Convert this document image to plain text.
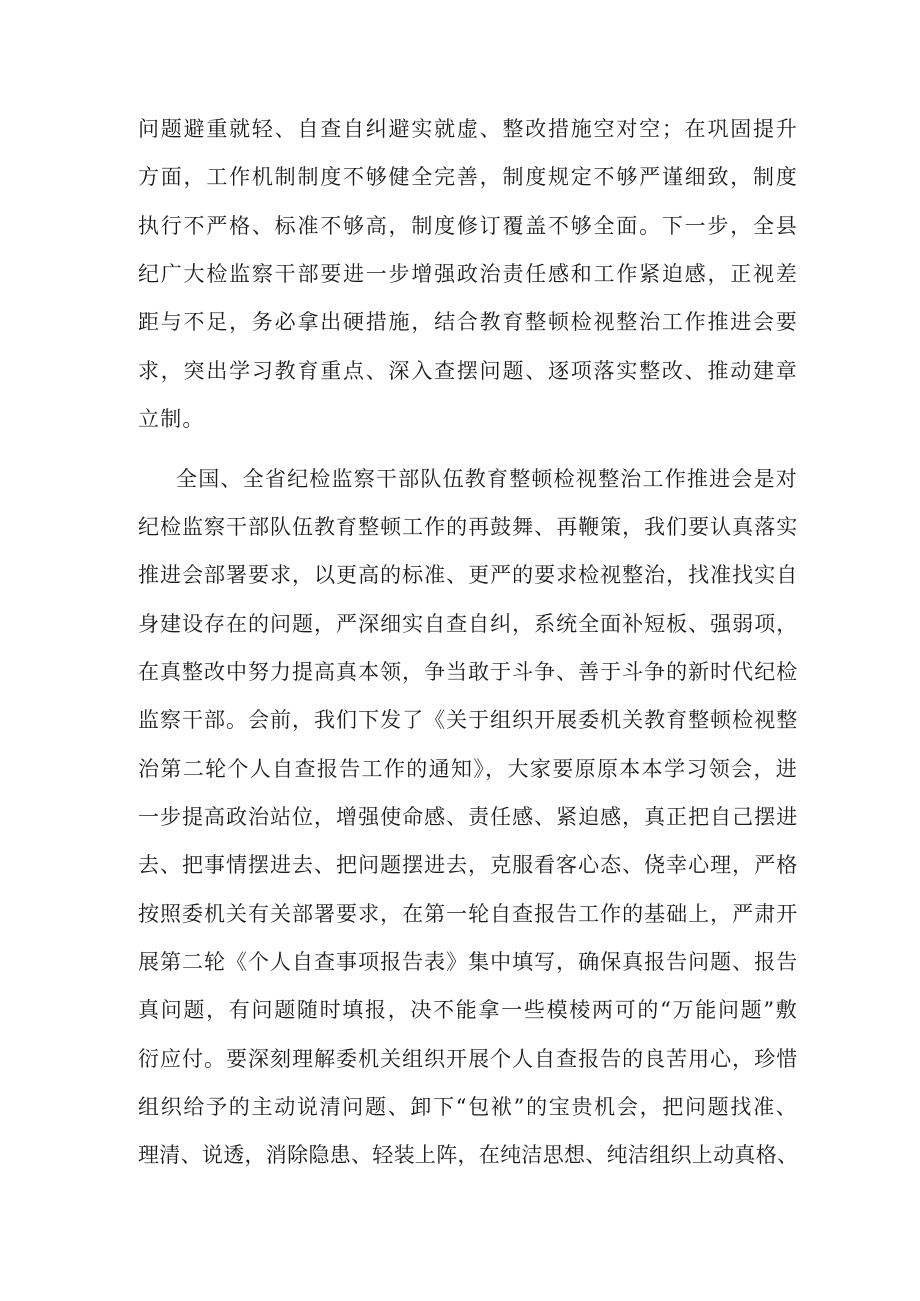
问题避重就轻、自查自纠避实就虚、整改措施空对空；在巩固提升
方面，工作机制制度不够健全完善，制度规定不够严谨细致，制度
执行不严格、标准不够高，制度修订覆盖不够全面。下一步，全县
纪广大检监察干部要进一步增强政治责任感和工作紧迫感，正视差
距与不足，务必拿出硬措施，结合教育整顿检视整治工作推进会要
求，突出学习教育重点、深入查摆问题、逐项落实整改、推动建章
立制。
全国、全省纪检监察干部队伍教育整顿检视整治工作推进会是对
纪检监察干部队伍教育整顿工作的再鼓舞、再鞭策，我们要认真落实
推进会部署要求，以更高的标准、更严的要求检视整治，找准找实自
身建设存在的问题，严深细实自查自纠，系统全面补短板、强弱项，
在真整改中努力提高真本领，争当敢于斗争、善于斗争的新时代纪检
监察干部。会前，我们下发了《关于组织开展委机关教育整顿检视整
治第二轮个人自查报告工作的通知》，大家要原原本本学习领会，进
一步提高政治站位，增强使命感、责任感、紧迫感，真正把自己摆进
去、把事情摆进去、把问题摆进去，克服看客心态、侥幸心理，严格
按照委机关有关部署要求，在第一轮自查报告工作的基础上，严肃开
展第二轮《个人自查事项报告表》集中填写，确保真报告问题、报告
真问题，有问题随时填报，决不能拿一些模棱两可的“万能问题”敷
衍应付。要深刻理解委机关组织开展个人自查报告的良苦用心，珍惜
组织给予的主动说清问题、卸下“包袱”的宝贵机会，把问题找准、
理清、说透，消除隐患、轻装上阵，在纯洁思想、纯洁组织上动真格、
